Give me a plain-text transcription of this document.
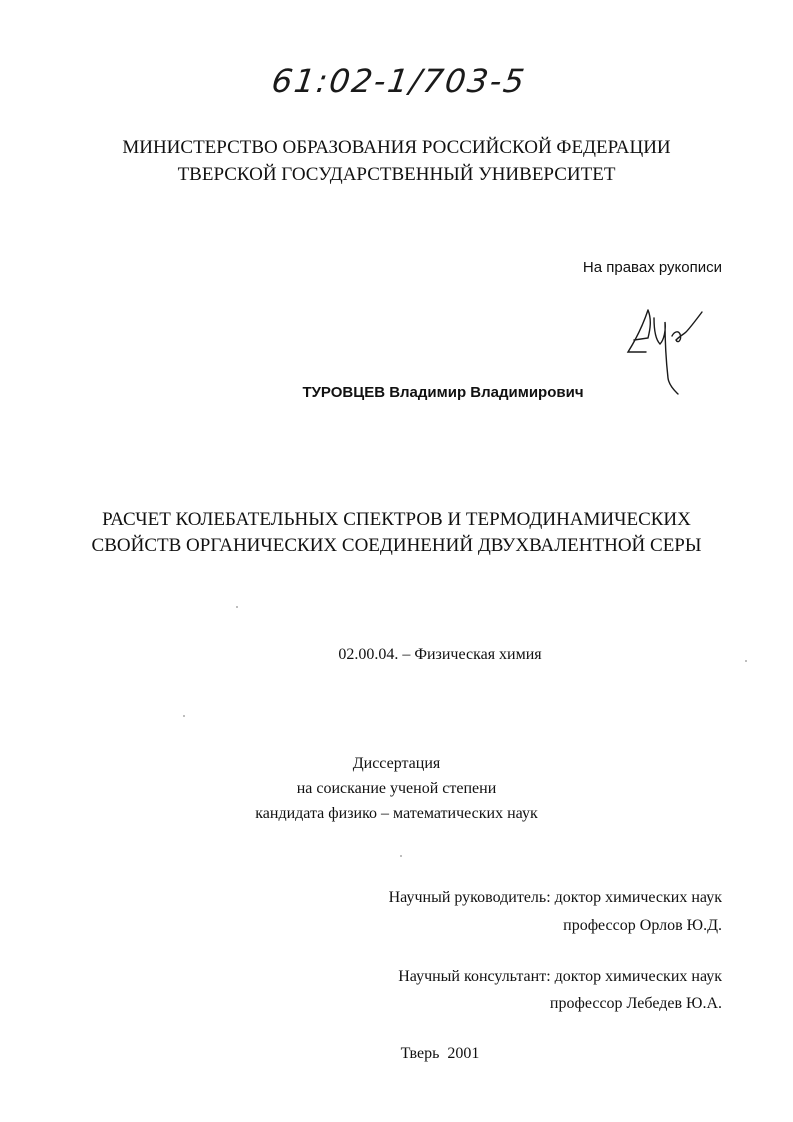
61:02-1/703-5
МИНИСТЕРСТВО ОБРАЗОВАНИЯ РОССИЙСКОЙ ФЕДЕРАЦИИ
ТВЕРСКОЙ ГОСУДАРСТВЕННЫЙ УНИВЕРСИТЕТ
На правах рукописи
ТУРОВЦЕВ Владимир Владимирович
РАСЧЕТ КОЛЕБАТЕЛЬНЫХ СПЕКТРОВ И ТЕРМОДИНАМИЧЕСКИХ
СВОЙСТВ ОРГАНИЧЕСКИХ СОЕДИНЕНИЙ ДВУХВАЛЕНТНОЙ СЕРЫ
02.00.04. – Физическая химия
Диссертация
на соискание ученой степени
кандидата физико – математических наук
Научный руководитель: доктор химических наук
профессор Орлов Ю.Д.
Научный консультант: доктор химических наук
профессор Лебедев Ю.А.
Тверь 2001
